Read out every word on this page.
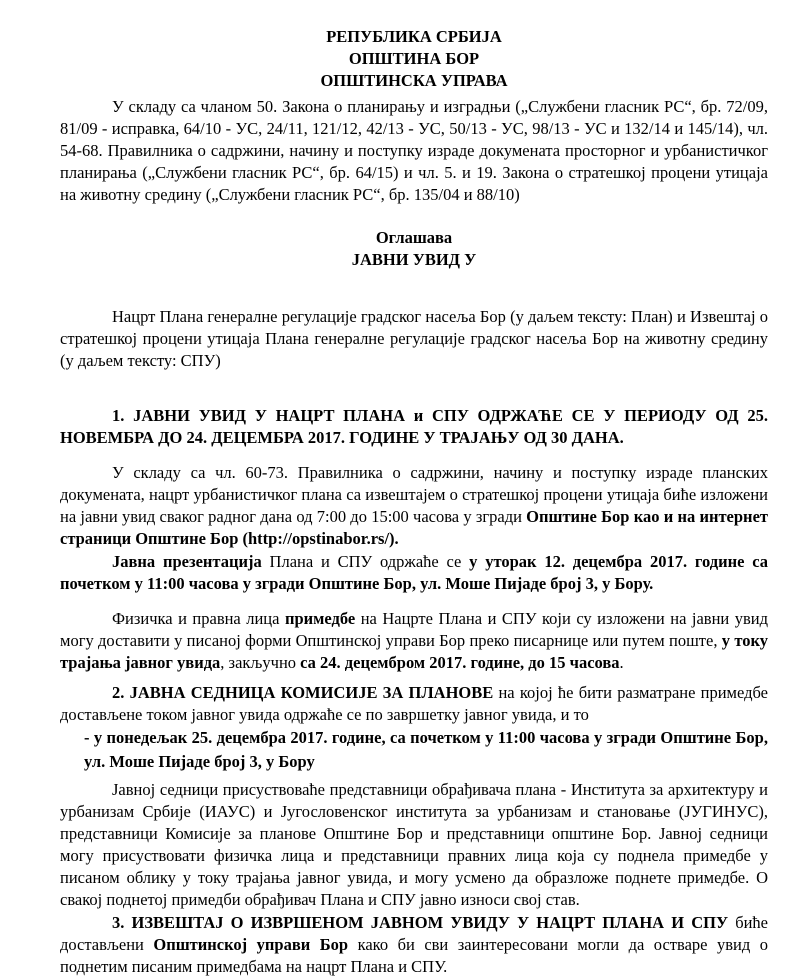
РЕПУБЛИКА СРБИЈА
ОПШТИНА БОР
ОПШТИНСКА УПРАВА

У складу са чланом 50. Закона о планирању и изградњи („Службени гласник РС“, бр. 72/09, 81/09 - исправка, 64/10 - УС, 24/11, 121/12, 42/13 - УС, 50/13 - УС, 98/13 - УС и 132/14 и 145/14), чл. 54-68. Правилника о садржини, начину и поступку израде докумената просторног и урбанистичког планирања („Службени гласник РС“, бр. 64/15) и чл. 5. и 19. Закона о стратешкој процени утицаја на животну средину („Службени гласник РС“, бр. 135/04 и 88/10)

Оглашава
ЈАВНИ УВИД У

Нацрт Плана генералне регулације градског насеља Бор (у даљем тексту: План) и Извештај о стратешкој процени утицаја Плана генералне регулације градског насеља Бор на животну средину (у даљем тексту: СПУ)

1. ЈАВНИ УВИД У НАЦРТ ПЛАНА и СПУ ОДРЖАЋЕ СЕ У ПЕРИОДУ ОД 25. НОВЕМБРА ДО 24. ДЕЦЕМБРА 2017. ГОДИНЕ У ТРАЈАЊУ ОД 30 ДАНА.

У складу са чл. 60-73. Правилника о садржини, начину и поступку израде планских докумената, нацрт урбанистичког плана са извештајем о стратешкој процени утицаја биће изложени на јавни увид сваког радног дана од 7:00 до 15:00 часова у згради Општине Бор као и на интернет страници Општине Бор (http://opstinabor.rs/).

Јавна презентација Плана и СПУ одржаће се у уторак 12. децембра 2017. године са почетком у 11:00 часова у згради Општине Бор, ул. Моше Пијаде број 3, у Бору.

Физичка и правна лица примедбе на Нацрте Плана и СПУ који су изложени на јавни увид могу доставити у писаној форми Општинској управи Бор преко писарнице или путем поште, у току трајања јавног увида, закључно са 24. децембром 2017. године, до 15 часова.

2. ЈАВНА СЕДНИЦА КОМИСИЈЕ ЗА ПЛАНОВЕ на којој ће бити разматране примедбе достављене током јавног увида одржаће се по завршетку јавног увида, и то

- у понедељак 25. децембра 2017. године, са почетком у 11:00 часова у згради Општине Бор, ул. Моше Пијаде број 3, у Бору

Јавној седници присуствоваће представници обрађивача плана - Института за архитектуру и урбанизам Србије (ИАУС) и Југословенског института за урбанизам и становање (ЈУГИНУС), представници Комисије за планове Општине Бор и представници општине Бор. Јавној седници могу присуствовати физичка лица и представници правних лица која су поднела примедбе у писаном облику у току трајања јавног увида, и могу усмено да образложе поднете примедбе. О свакој поднетој примедби обрађивач Плана и СПУ јавно износи свој став.

3. ИЗВЕШТАЈ О ИЗВРШЕНОМ ЈАВНОМ УВИДУ У НАЦРТ ПЛАНА И СПУ биће достављени Општинској управи Бор како би сви заинтересовани могли да остваре увид о поднетим писаним примедбама на нацрт Плана и СПУ.
